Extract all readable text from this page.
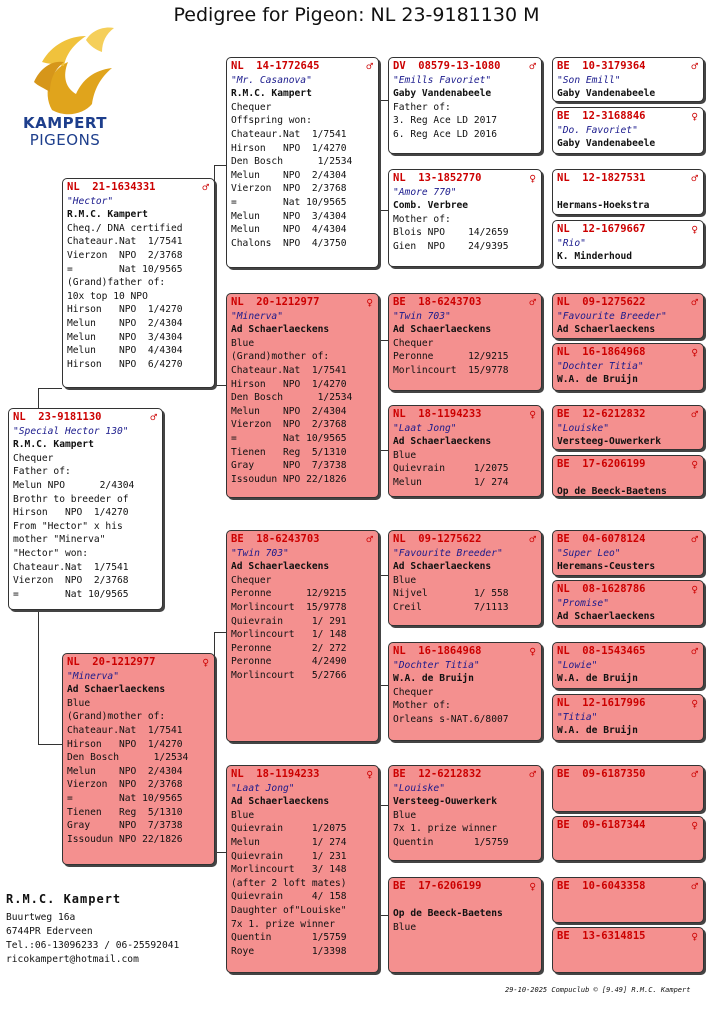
Pedigree for Pigeon: NL 23-9181130 M
KAMPERT
PIGEONS
NL  23-9181130	♂
"Special Hector 130"
R.M.C. Kampert
Chequer
Father of:
Melun NPO      2/4304
Brothr to breeder of
Hirson   NPO  1/4270
From "Hector" x his
mother "Minerva"
"Hector" won:
Chateaur.Nat  1/7541
Vierzon  NPO  2/3768
=        Nat 10/9565
NL  21-1634331	♂
"Hector"
R.M.C. Kampert
Cheq./ DNA certified
Chateaur.Nat  1/7541
Vierzon  NPO  2/3768
=        Nat 10/9565
(Grand)father of:
10x top 10 NPO
Hirson   NPO  1/4270
Melun    NPO  2/4304
Melun    NPO  3/4304
Melun    NPO  4/4304
Hirson   NPO  6/4270
NL  20-1212977	♀
"Minerva"
Ad Schaerlaeckens
Blue
(Grand)mother of:
Chateaur.Nat  1/7541
Hirson   NPO  1/4270
Den Bosch      1/2534
Melun    NPO  2/4304
Vierzon  NPO  2/3768
=        Nat 10/9565
Tienen   Reg  5/1310
Gray     NPO  7/3738
Issoudun NPO 22/1826
NL  14-1772645	♂
"Mr. Casanova"
R.M.C. Kampert
Chequer
Offspring won:
Chateaur.Nat  1/7541
Hirson   NPO  1/4270
Den Bosch      1/2534
Melun    NPO  2/4304
Vierzon  NPO  2/3768
=        Nat 10/9565
Melun    NPO  3/4304
Melun    NPO  4/4304
Chalons  NPO  4/3750
NL  20-1212977	♀
"Minerva"
Ad Schaerlaeckens
Blue
(Grand)mother of:
Chateaur.Nat  1/7541
Hirson   NPO  1/4270
Den Bosch      1/2534
Melun    NPO  2/4304
Vierzon  NPO  2/3768
=        Nat 10/9565
Tienen   Reg  5/1310
Gray     NPO  7/3738
Issoudun NPO 22/1826
BE  18-6243703	♂
"Twin 703"
Ad Schaerlaeckens
Chequer
Peronne      12/9215
Morlincourt  15/9778
Quievrain     1/ 291
Morlincourt   1/ 148
Peronne       2/ 272
Peronne       4/2490
Morlincourt   5/2766
NL  18-1194233	♀
"Laat Jong"
Ad Schaerlaeckens
Blue
Quievrain     1/2075
Melun         1/ 274
Quievrain     1/ 231
Morlincourt   3/ 148
(after 2 loft mates)
Quievrain     4/ 158
Daughter of"Louiske"
7x 1. prize winner
Quentin       1/5759
Roye          1/3398
DV  08579-13-1080	♂
"Emills Favoriet"
Gaby Vandenabeele
Father of:
3. Reg Ace LD 2017
6. Reg Ace LD 2016
NL  13-1852770	♀
"Amore 770"
Comb. Verbree
Mother of:
Blois NPO    14/2659
Gien  NPO    24/9395
BE  18-6243703	♂
"Twin 703"
Ad Schaerlaeckens
Chequer
Peronne      12/9215
Morlincourt  15/9778
NL  18-1194233	♀
"Laat Jong"
Ad Schaerlaeckens
Blue
Quievrain     1/2075
Melun         1/ 274
NL  09-1275622	♂
"Favourite Breeder"
Ad Schaerlaeckens
Blue
Nijvel        1/ 558
Creil         7/1113
NL  16-1864968	♀
"Dochter Titia"
W.A. de Bruijn
Chequer
Mother of:
Orleans s-NAT.6/8007
BE  12-6212832	♂
"Louiske"
Versteeg-Ouwerkerk
Blue
7x 1. prize winner
Quentin       1/5759
BE  17-6206199	♀

Op de Beeck-Baetens
Blue
BE  10-3179364	♂
"Son Emill"
Gaby Vandenabeele
BE  12-3168846	♀
"Do. Favoriet"
Gaby Vandenabeele
NL  12-1827531	♂

Hermans-Hoekstra
NL  12-1679667	♀
"Rio"
K. Minderhoud
NL  09-1275622	♂
"Favourite Breeder"
Ad Schaerlaeckens
NL  16-1864968	♀
"Dochter Titia"
W.A. de Bruijn
BE  12-6212832	♂
"Louiske"
Versteeg-Ouwerkerk
BE  17-6206199	♀

Op de Beeck-Baetens
BE  04-6078124	♂
"Super Leo"
Heremans-Ceusters
NL  08-1628786	♀
"Promise"
Ad Schaerlaeckens
NL  08-1543465	♂
"Lowie"
W.A. de Bruijn
NL  12-1617996	♀
"Titia"
W.A. de Bruijn
BE  09-6187350	♂
BE  09-6187344	♀
BE  10-6043358	♂
BE  13-6314815	♀
R.M.C. Kampert
Buurtweg 16a
6744PR Ederveen
Tel.:06-13096233 / 06-25592041
ricokampert@hotmail.com
29-10-2025 Compuclub © [9.49] R.M.C. Kampert
